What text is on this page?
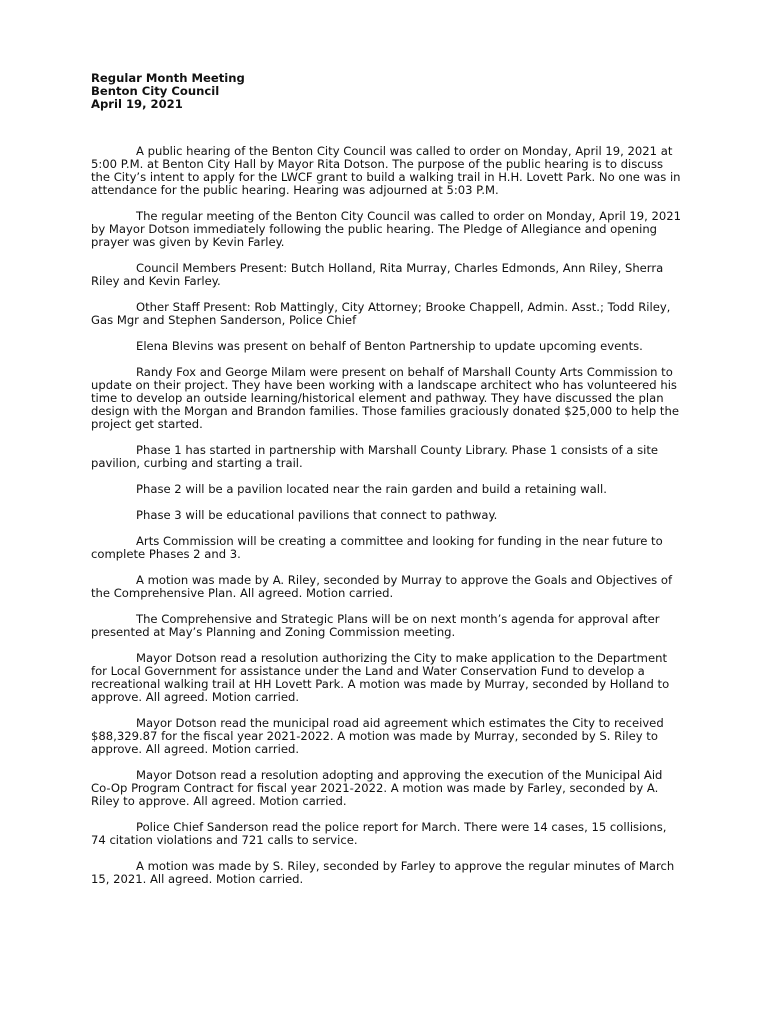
Regular Month Meeting

Benton City Council

April 19, 2021

A public hearing of the Benton City Council was called to order on Monday, April 19, 2021 at 5:00 P.M. at Benton City Hall by Mayor Rita Dotson. The purpose of the public hearing is to discuss the City’s intent to apply for the LWCF grant to build a walking trail in H.H. Lovett Park. No one was in attendance for the public hearing. Hearing was adjourned at 5:03 P.M.

The regular meeting of the Benton City Council was called to order on Monday, April 19, 2021 by Mayor Dotson immediately following the public hearing. The Pledge of Allegiance and opening prayer was given by Kevin Farley.

Council Members Present: Butch Holland, Rita Murray, Charles Edmonds, Ann Riley, Sherra Riley and Kevin Farley.

Other Staff Present: Rob Mattingly, City Attorney; Brooke Chappell, Admin. Asst.; Todd Riley, Gas Mgr and Stephen Sanderson, Police Chief

Elena Blevins was present on behalf of Benton Partnership to update upcoming events.

Randy Fox and George Milam were present on behalf of Marshall County Arts Commission to update on their project. They have been working with a landscape architect who has volunteered his time to develop an outside learning/historical element and pathway. They have discussed the plan design with the Morgan and Brandon families. Those families graciously donated $25,000 to help the project get started.

Phase 1 has started in partnership with Marshall County Library. Phase 1 consists of a site pavilion, curbing and starting a trail.

Phase 2 will be a pavilion located near the rain garden and build a retaining wall.

Phase 3 will be educational pavilions that connect to pathway.

Arts Commission will be creating a committee and looking for funding in the near future to complete Phases 2 and 3.

A motion was made by A. Riley, seconded by Murray to approve the Goals and Objectives of the Comprehensive Plan. All agreed. Motion carried.

The Comprehensive and Strategic Plans will be on next month’s agenda for approval after presented at May’s Planning and Zoning Commission meeting.

Mayor Dotson read a resolution authorizing the City to make application to the Department for Local Government for assistance under the Land and Water Conservation Fund to develop a recreational walking trail at HH Lovett Park. A motion was made by Murray, seconded by Holland to approve. All agreed. Motion carried.

Mayor Dotson read the municipal road aid agreement which estimates the City to received $88,329.87 for the fiscal year 2021-2022. A motion was made by Murray, seconded by S. Riley to approve. All agreed. Motion carried.

Mayor Dotson read a resolution adopting and approving the execution of the Municipal Aid Co-Op Program Contract for fiscal year 2021-2022. A motion was made by Farley, seconded by A. Riley to approve. All agreed. Motion carried.

Police Chief Sanderson read the police report for March. There were 14 cases, 15 collisions, 74 citation violations and 721 calls to service.

A motion was made by S. Riley, seconded by Farley to approve the regular minutes of March 15, 2021. All agreed. Motion carried.
